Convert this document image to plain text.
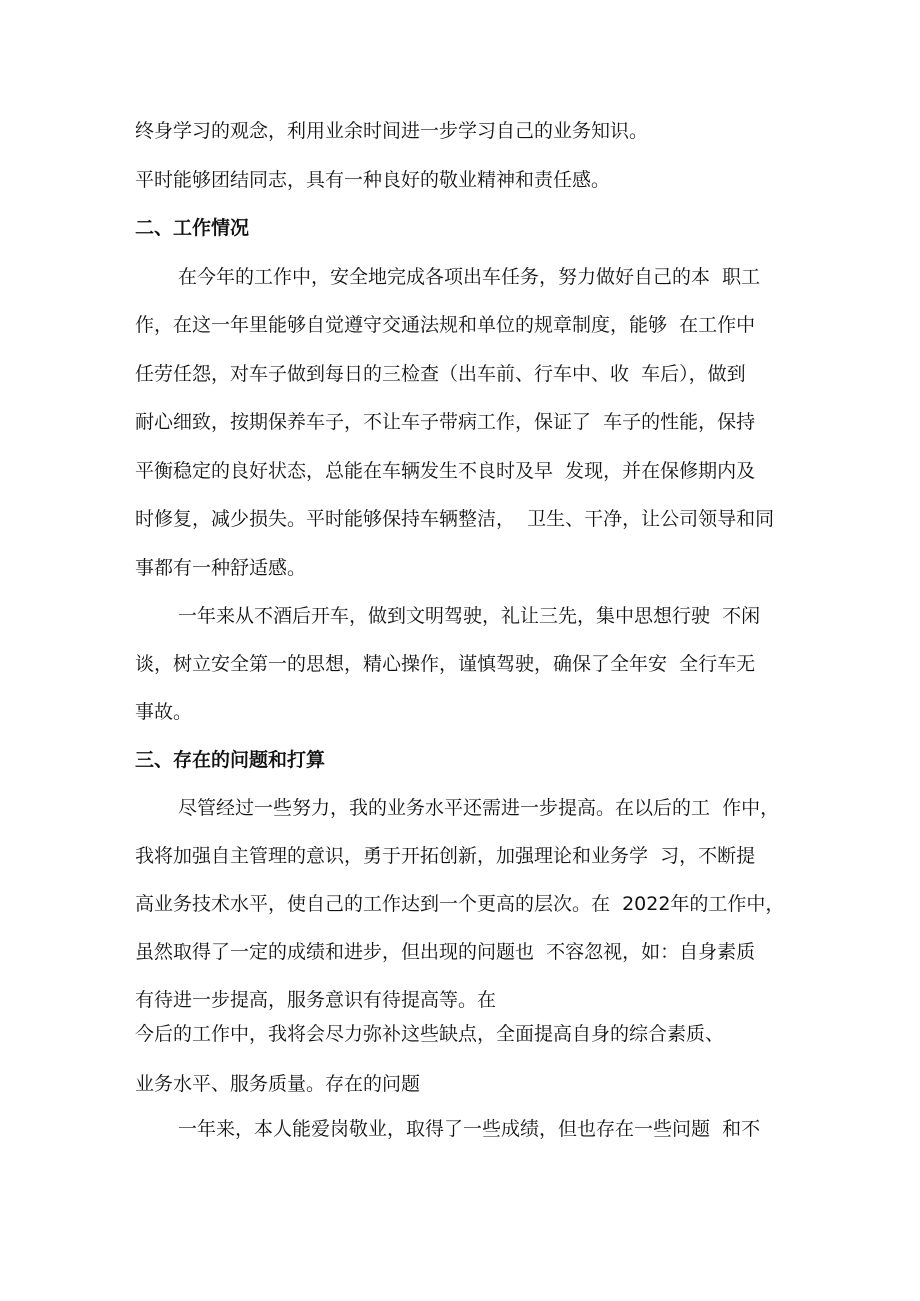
终身学习的观念，利用业余时间进一步学习自己的业务知识。
平时能够团结同志，具有一种良好的敬业精神和责任感。
二、工作情况
在今年的工作中，安全地完成各项出车任务，努力做好自己的本  职工
作，在这一年里能够自觉遵守交通法规和单位的规章制度，能够  在工作中
任劳任怨，对车子做到每日的三检查（出车前、行车中、收  车后），做到
耐心细致，按期保养车子，不让车子带病工作，保证了  车子的性能，保持
平衡稳定的良好状态，总能在车辆发生不良时及早  发现，并在保修期内及
时修复，减少损失。平时能够保持车辆整洁，  卫生、干净，让公司领导和同
事都有一种舒适感。
一年来从不酒后开车，做到文明驾驶，礼让三先，集中思想行驶  不闲
谈，树立安全第一的思想，精心操作，谨慎驾驶，确保了全年安  全行车无
事故。
三、存在的问题和打算
尽管经过一些努力，我的业务水平还需进一步提高。在以后的工  作中，
我将加强自主管理的意识，勇于开拓创新，加强理论和业务学  习，不断提
高业务技术水平，使自己的工作达到一个更高的层次。在  2022年的工作中，
虽然取得了一定的成绩和进步，但出现的问题也  不容忽视，如：自身素质
有待进一步提高，服务意识有待提高等。在
今后的工作中，我将会尽力弥补这些缺点，全面提高自身的综合素质、
业务水平、服务质量。存在的问题
一年来，本人能爱岗敬业，取得了一些成绩，但也存在一些问题  和不
